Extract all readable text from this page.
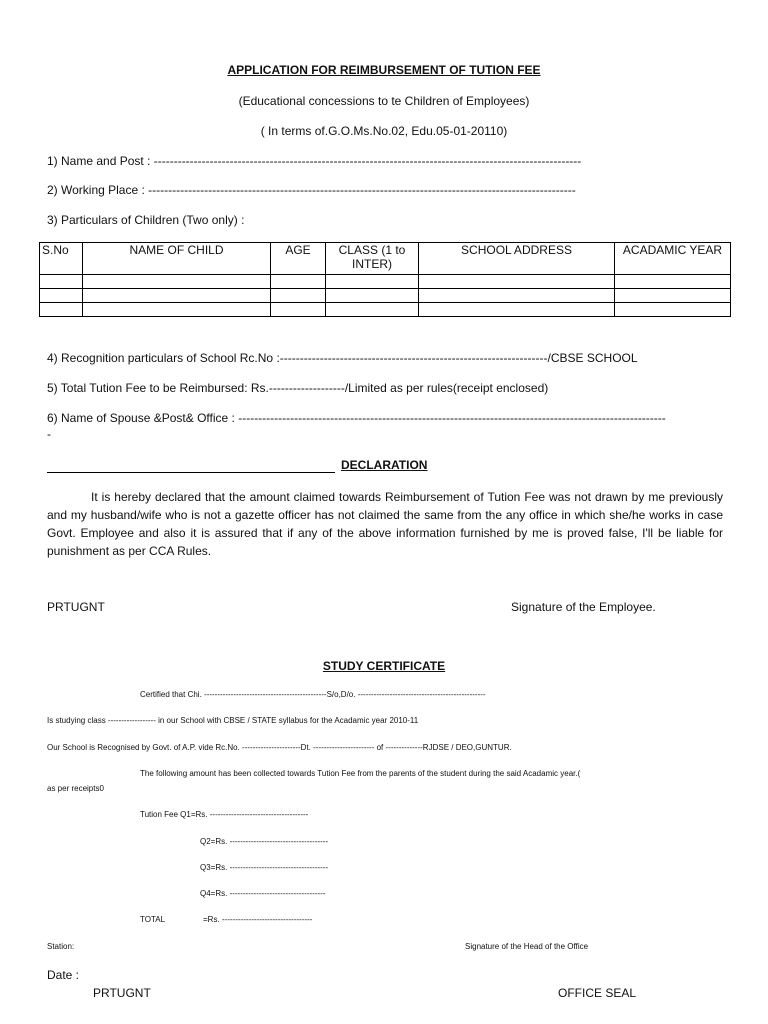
APPLICATION FOR REIMBURSEMENT OF TUTION FEE
(Educational concessions to te Children of Employees)
( In terms of.G.O.Ms.No.02, Edu.05-01-20110)
1) Name and Post : -----------------------------------------------------------------------------------------------------------
2) Working Place : -----------------------------------------------------------------------------------------------------------
3) Particulars of Children (Two only) :
S.No	NAME OF CHILD	AGE	CLASS (1 to INTER)	SCHOOL ADDRESS	ACADAMIC YEAR

4) Recognition particulars of School Rc.No :-------------------------------------------------------------------/CBSE SCHOOL
5) Total Tution Fee to be Reimbursed: Rs.-------------------/Limited as per rules(receipt enclosed)
6) Name of Spouse &Post& Office : -----------------------------------------------------------------------------------------------------------
-
DECLARATION
It is hereby declared that the amount claimed towards Reimbursement of Tution Fee was not drawn by me previously and my husband/wife who is not a gazette officer has not claimed the same from the any office in which she/he works in case Govt. Employee and also it is assured that if any of the above information furnished by me is proved false, I'll be liable for punishment as per CCA Rules.
PRTUGNT	Signature of the Employee.
STUDY CERTIFICATE
Certified that Chi. ----------------------------------------------S/o,D/o. ------------------------------------------------
Is studying class ------------------ in our School with CBSE / STATE syllabus for the Acadamic year 2010-11
Our School is Recognised by Govt. of A.P. vide Rc.No. ----------------------Dt. ----------------------- of --------------RJDSE / DEO,GUNTUR.
The following amount has been collected towards Tution Fee from the parents of the student during the said Acadamic year.(
as per receipts0
Tution Fee Q1=Rs. -------------------------------------
Q2=Rs. -------------------------------------
Q3=Rs. -------------------------------------
Q4=Rs. ------------------------------------
TOTAL	=Rs. ----------------------------------
Station:	Signature of the Head of the Office
Date :
PRTUGNT	OFFICE SEAL
